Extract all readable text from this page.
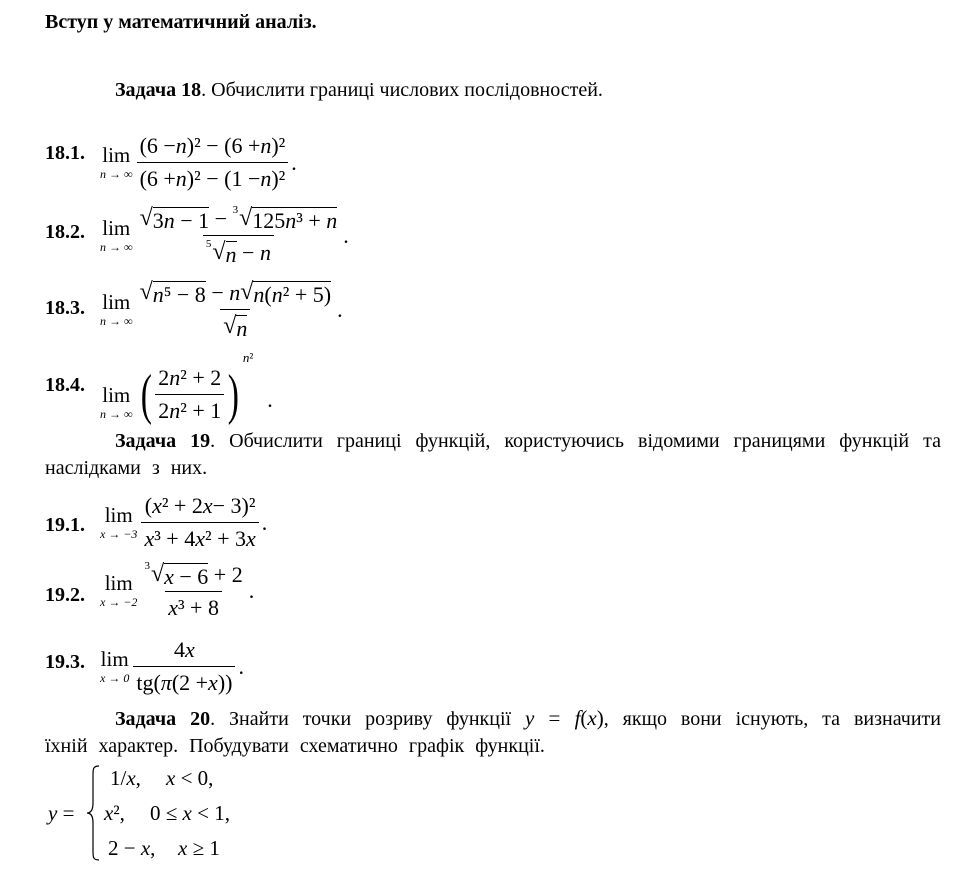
Вступ у математичний аналіз.
Задача 18. Обчислити границі числових послідовностей.
18.1. lim
n → ∞ $\frac{\text{(6 − n )² − (6 + n )²}}{\text{(6 + n )² − (1 − n )²}}$ .
18.2. lim
n → ∞ $\frac{\text{√ 3n − 1 − 3 √ 125n³ + n}}{5 √ n - n}$ .
18.3. lim
n → ∞ $\frac{\text{√ n⁵ − 8 − n √ n(n² + 5)}}{√ n}$ .
18.4. lim
n → ∞ ( $\frac{\text{2 n ² + 2}}{\text{2 n ² + 1}}$ )
n²
.
Задача 19. Обчислити границі функцій, користуючись відомими границями функцій та наслідками з них.
19.1. lim
$x \to -3 \frac{\text{( x ² + 2 x − 3)²}}{\text{x ³ + 4 x ² + 3 x}}$ .
19.2. lim
$x \to -2 \frac{3 √ x - 6 + 2}{\text{x ³ + 8}}$ .
19.3. lim
$x \to 0 \frac{4 x}{tg( \pi (2 + x ))}$ .
Задача 20. Знайти точки розриву функції y = f(x), якщо вони існують, та визначити їхній характер. Побудувати схематично графік функції.
y =
1/x, x < 0,
x², 0 ≤ x < 1,
2 − x, x ≥ 1
